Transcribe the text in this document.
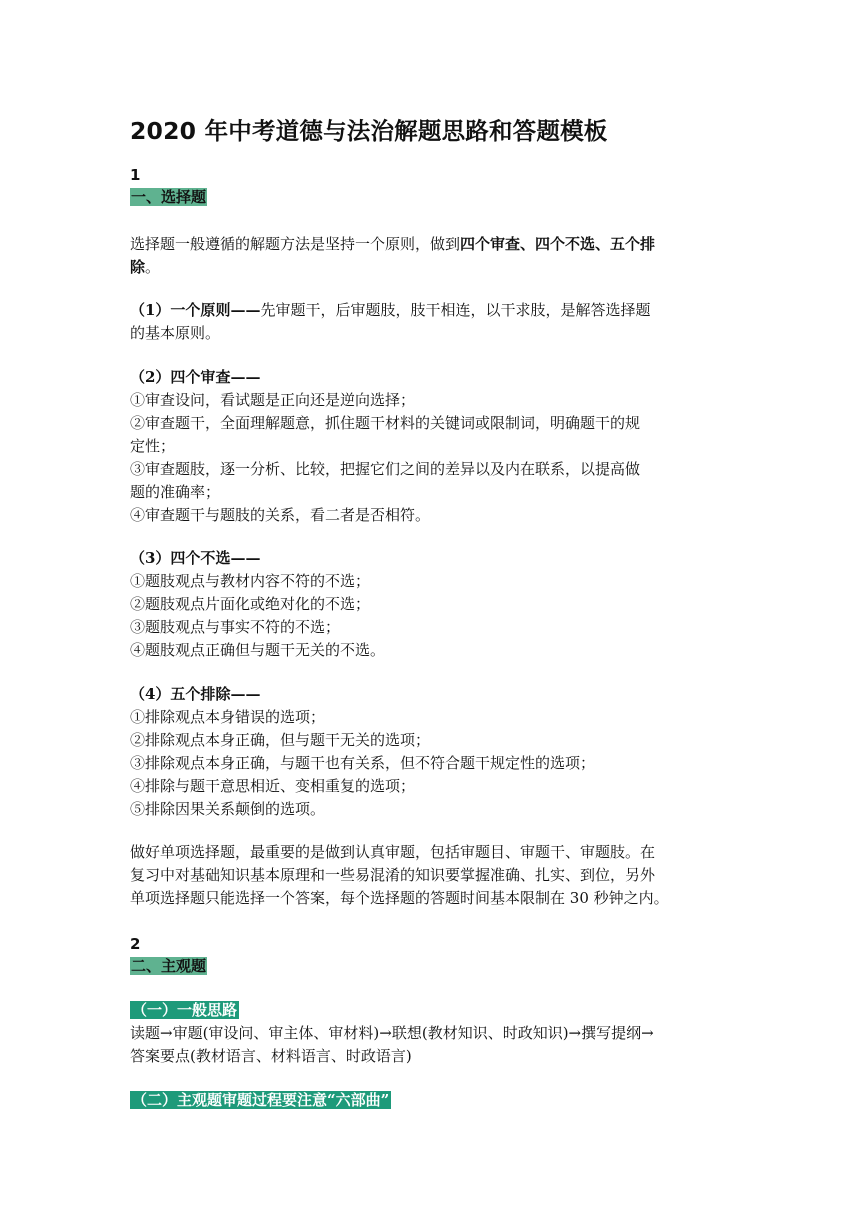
2020 年中考道德与法治解题思路和答题模板
1
一、选择题
选择题一般遵循的解题方法是坚持一个原则，做到四个审查、四个不选、五个排
除。
（1）一个原则——先审题干，后审题肢，肢干相连，以干求肢，是解答选择题
的基本原则。
（2）四个审查——
①审查设问，看试题是正向还是逆向选择；
②审查题干，全面理解题意，抓住题干材料的关键词或限制词，明确题干的规
定性；
③审查题肢，逐一分析、比较，把握它们之间的差异以及内在联系，以提高做
题的准确率；
④审查题干与题肢的关系，看二者是否相符。
（3）四个不选——
①题肢观点与教材内容不符的不选；
②题肢观点片面化或绝对化的不选；
③题肢观点与事实不符的不选；
④题肢观点正确但与题干无关的不选。
（4）五个排除——
①排除观点本身错误的选项；
②排除观点本身正确，但与题干无关的选项；
③排除观点本身正确，与题干也有关系，但不符合题干规定性的选项；
④排除与题干意思相近、变相重复的选项；
⑤排除因果关系颠倒的选项。
做好单项选择题，最重要的是做到认真审题，包括审题目、审题干、审题肢。在
复习中对基础知识基本原理和一些易混淆的知识要掌握准确、扎实、到位，另外
单项选择题只能选择一个答案，每个选择题的答题时间基本限制在 30 秒钟之内。
2
二、主观题
（一）一般思路
读题→审题(审设问、审主体、审材料)→联想(教材知识、时政知识)→撰写提纲→
答案要点(教材语言、材料语言、时政语言)
（二）主观题审题过程要注意“六部曲”
